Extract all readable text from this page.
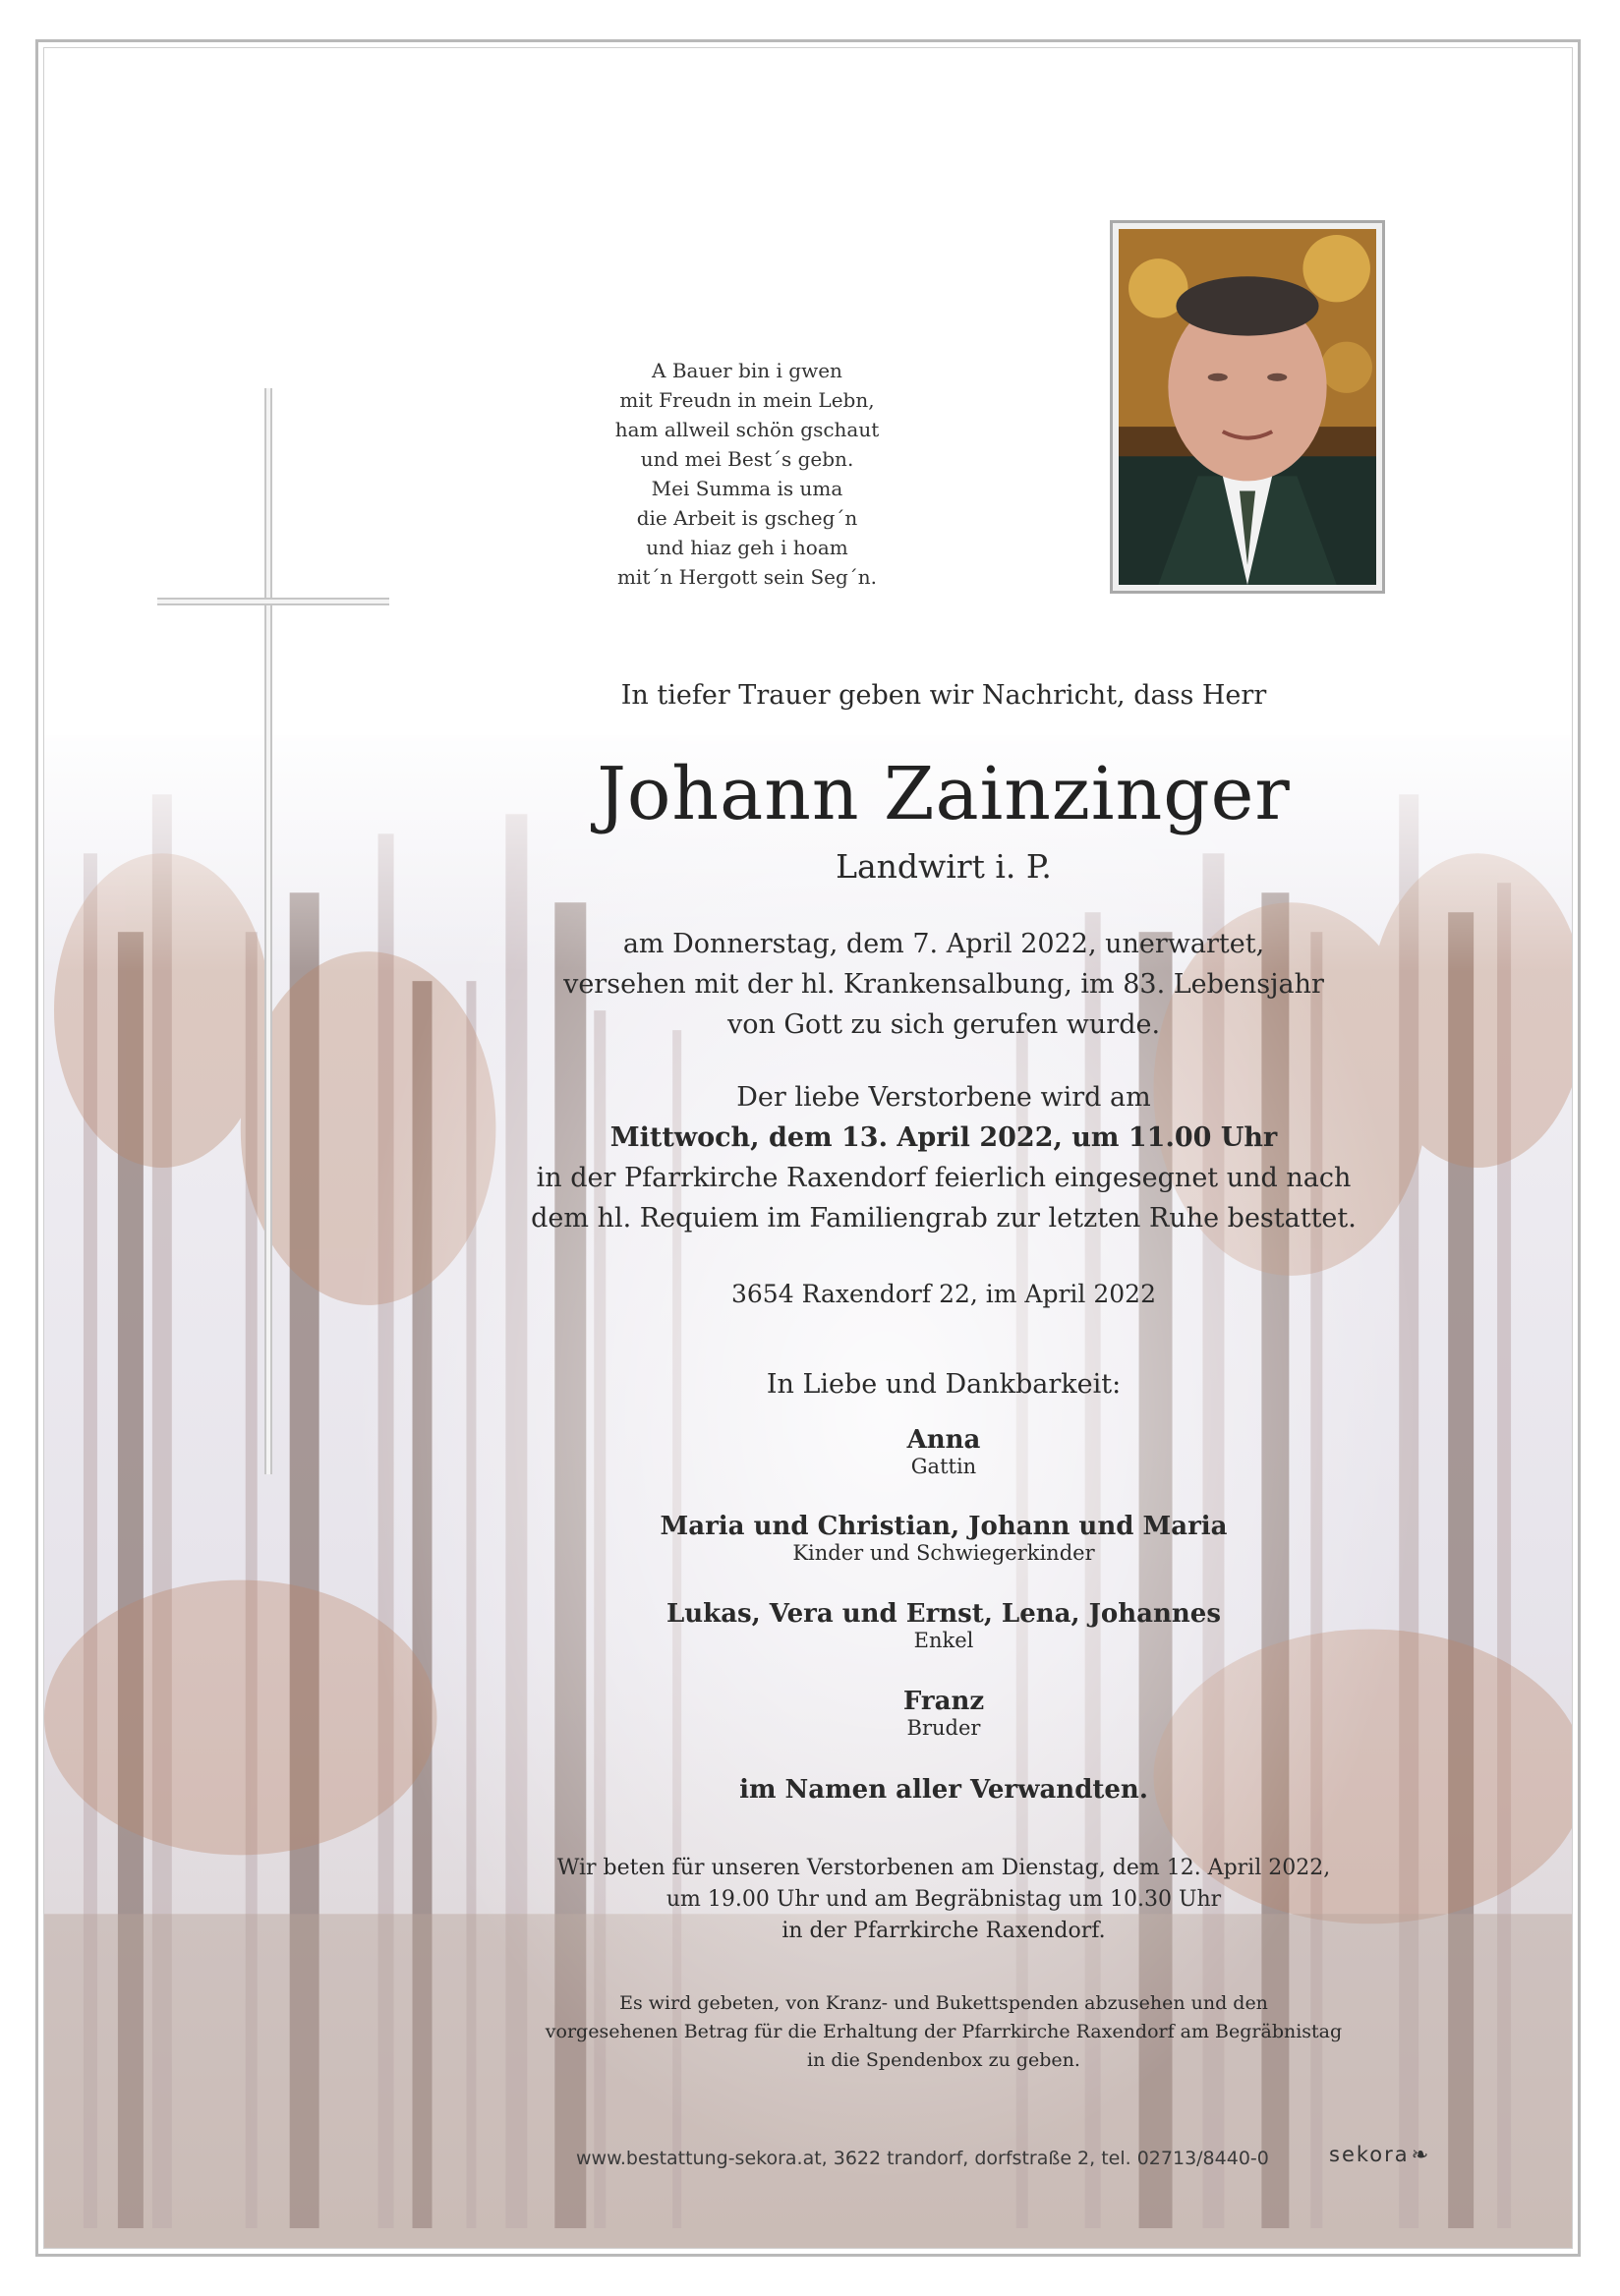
A Bauer bin i gwen
mit Freudn in mein Lebn,
ham allweil schön gschaut
und mei Best´s gebn.
Mei Summa is uma
die Arbeit is gscheg´n
und hiaz geh i hoam
mit´n Hergott sein Seg´n.
In tiefer Trauer geben wir Nachricht, dass Herr
Johann Zainzinger
Landwirt i. P.
am Donnerstag, dem 7. April 2022, unerwartet,
versehen mit der hl. Krankensalbung, im 83. Lebensjahr
von Gott zu sich gerufen wurde.
Der liebe Verstorbene wird am
Mittwoch, dem 13. April 2022, um 11.00 Uhr
in der Pfarrkirche Raxendorf feierlich eingesegnet und nach
dem hl. Requiem im Familiengrab zur letzten Ruhe bestattet.
3654 Raxendorf 22, im April 2022
In Liebe und Dankbarkeit:
Anna
Gattin
Maria und Christian, Johann und Maria
Kinder und Schwiegerkinder
Lukas, Vera und Ernst, Lena, Johannes
Enkel
Franz
Bruder
im Namen aller Verwandten.
Wir beten für unseren Verstorbenen am Dienstag, dem 12. April 2022,
um 19.00 Uhr und am Begräbnistag um 10.30 Uhr
in der Pfarrkirche Raxendorf.
Es wird gebeten, von Kranz- und Bukettspenden abzusehen und den
vorgesehenen Betrag für die Erhaltung der Pfarrkirche Raxendorf am Begräbnistag
in die Spendenbox zu geben.
www.bestattung-sekora.at, 3622 trandorf, dorfstraße 2, tel. 02713/8440-0	sekora❧
